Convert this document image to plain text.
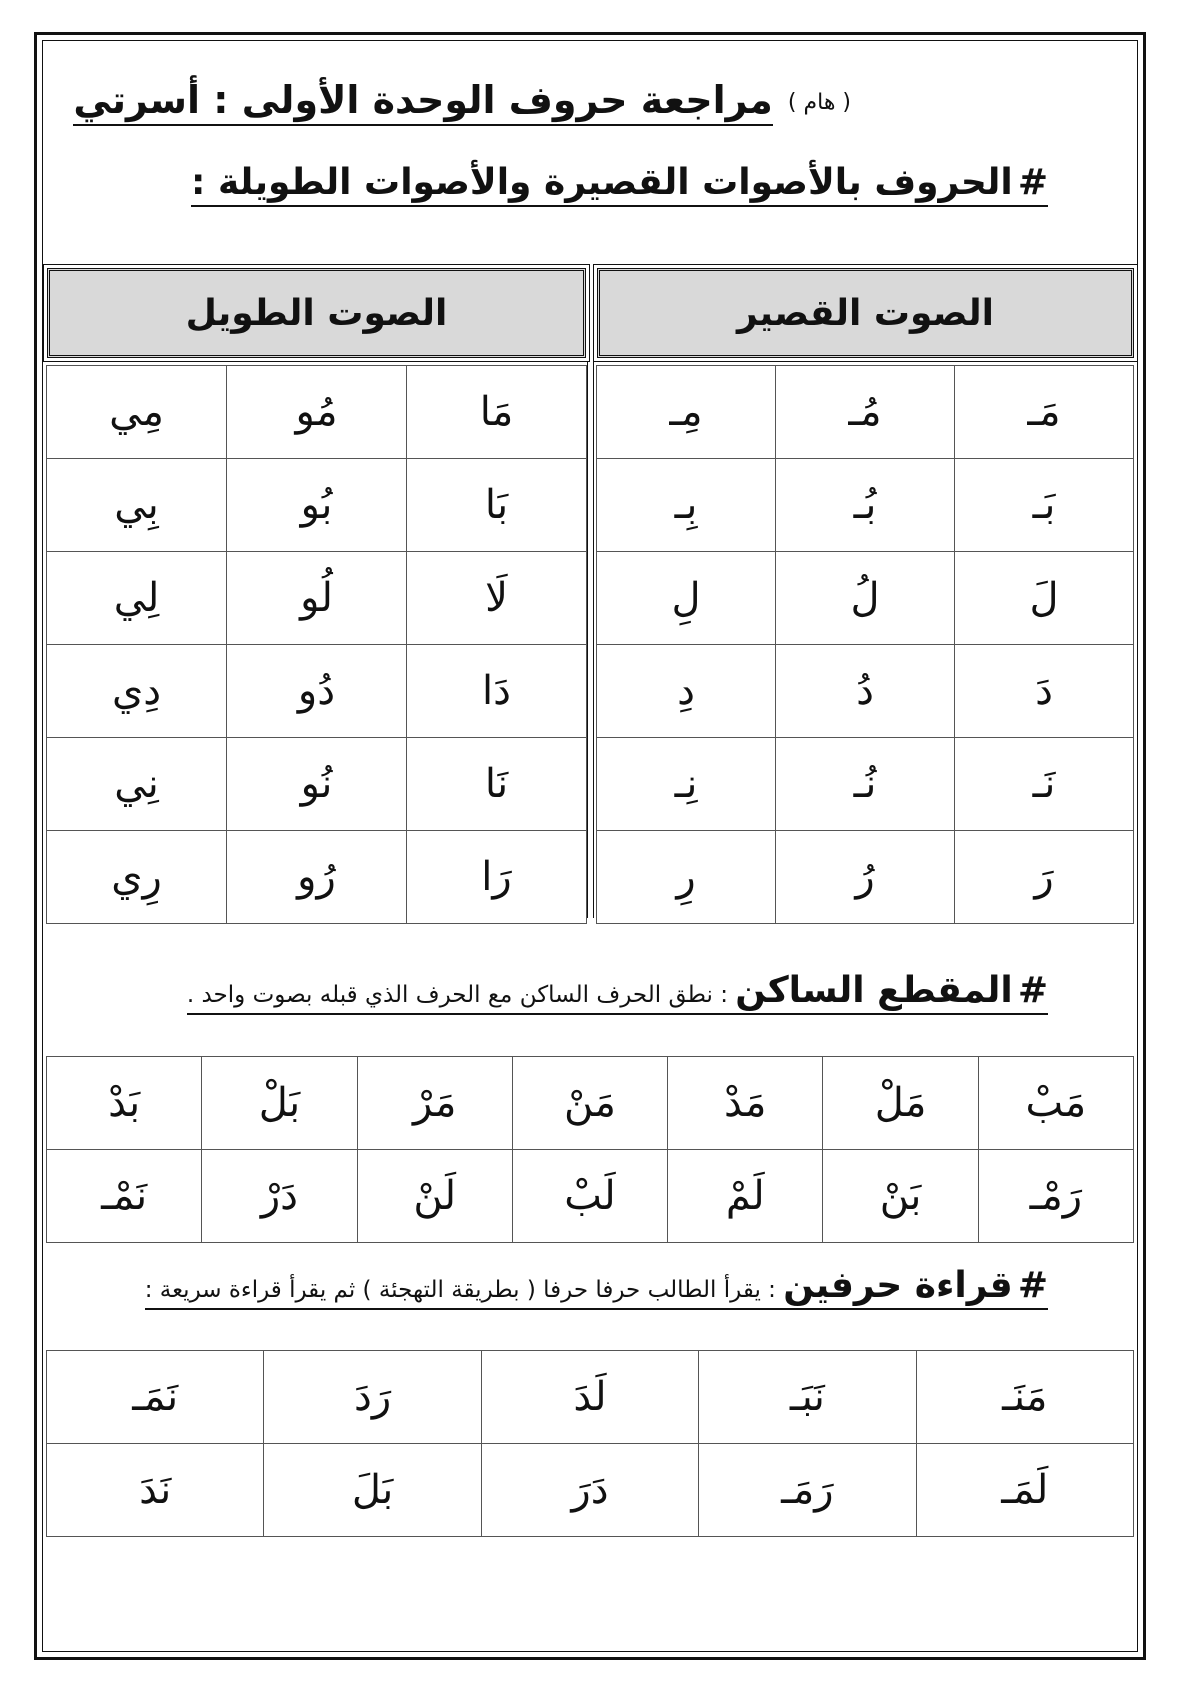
( هام ) مراجعة حروف الوحدة الأولى : أسرتي
# الحروف بالأصوات القصيرة والأصوات الطويلة :
الصوت القصير
الصوت الطويل
مِـ	مُـ	مَـ
بِـ	بُـ	بَـ
لِ	لُ	لَ
دِ	دُ	دَ
نِـ	نُـ	نَـ
رِ	رُ	رَ
مِي	مُو	مَا
بِي	بُو	بَا
لِي	لُو	لَا
دِي	دُو	دَا
نِي	نُو	نَا
رِي	رُو	رَا
# المقطع الساكن : نطق الحرف الساكن مع الحرف الذي قبله بصوت واحد .
بَدْ	بَلْ	مَرْ	مَنْ	مَدْ	مَلْ	مَبْ
نَمْـ	دَرْ	لَنْ	لَبْ	لَمْ	بَنْ	رَمْـ
# قراءة حرفين : يقرأ الطالب حرفا حرفا ( بطريقة التهجئة ) ثم يقرأ قراءة سريعة :
نَمَـ	رَدَ	لَدَ	نَبَـ	مَنَـ
نَدَ	بَلَ	دَرَ	رَمَـ	لَمَـ
